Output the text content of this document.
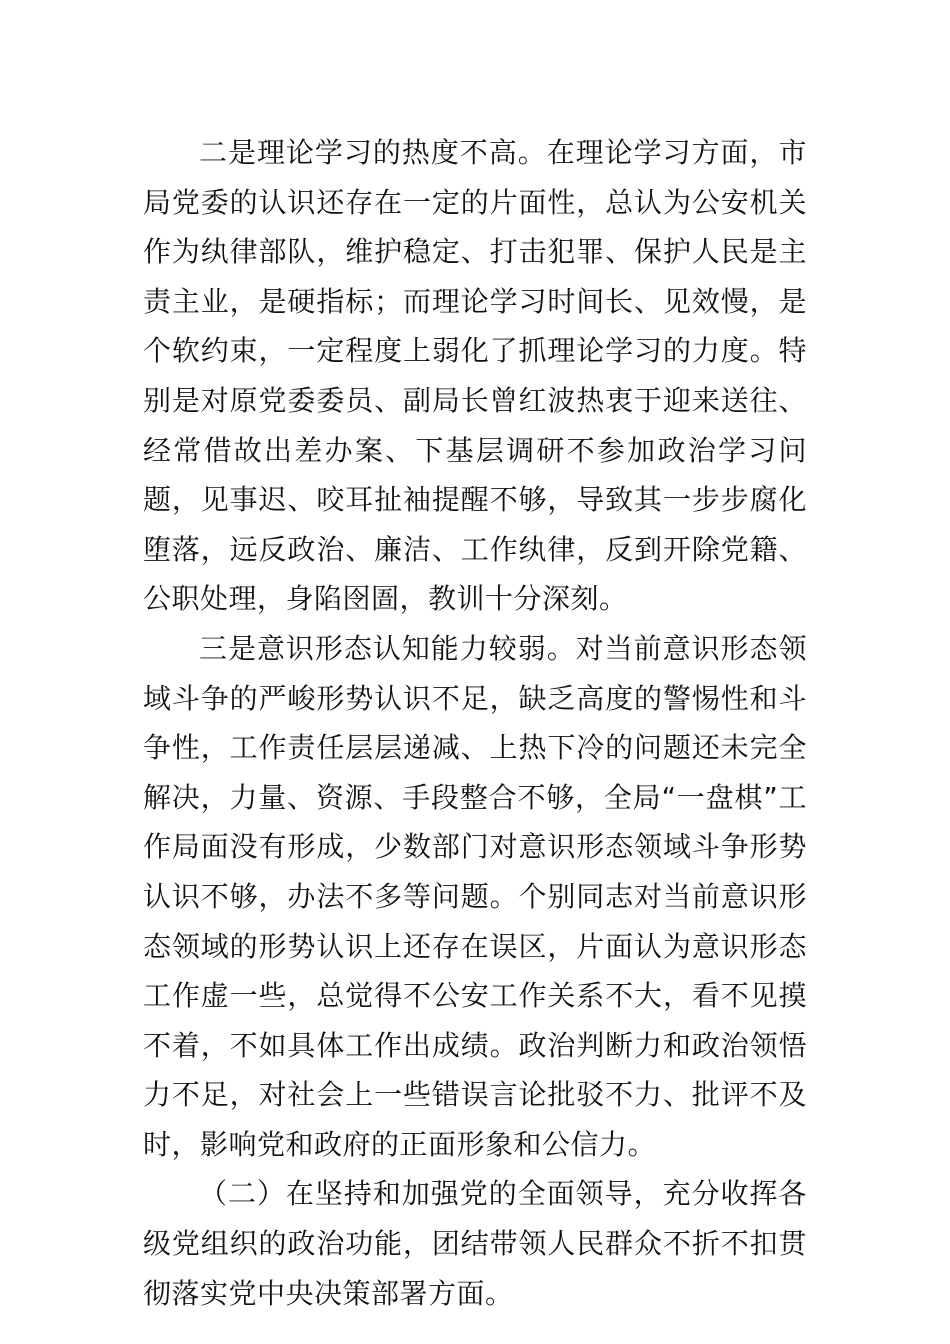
二是理论学习的热度不高。在理论学习方面，市局党委的认识还存在一定的片面性，总认为公安机关作为纨律部队，维护稳定、打击犯罪、保护人民是主责主业，是硬指标；而理论学习时间长、见效慢，是个软约束，一定程度上弱化了抓理论学习的力度。特别是对原党委委员、副局长曾红波热衷于迎来送往、经常借故出差办案、下基层调研不参加政治学习问题，见事迟、咬耳扯袖提醒不够，导致其一步步腐化堕落，远反政治、廉洁、工作纨律，反到开除党籍、公职处理，身陷囹圄，教训十分深刻。

三是意识形态认知能力较弱。对当前意识形态领域斗争的严峻形势认识不足，缺乏高度的警惕性和斗争性，工作责任层层递减、上热下冷的问题还未完全解决，力量、资源、手段整合不够，全局“一盘棋”工作局面没有形成，少数部门对意识形态领域斗争形势认识不够，办法不多等问题。个别同志对当前意识形态领域的形势认识上还存在误区，片面认为意识形态工作虚一些，总觉得不公安工作关系不大，看不见摸不着，不如具体工作出成绩。政治判断力和政治领悟力不足，对社会上一些错误言论批驳不力、批评不及时，影响党和政府的正面形象和公信力。

（二）在坚持和加强党的全面领导，充分收挥各级党组织的政治功能，团结带领人民群众不折不扣贯彻落实党中央决策部署方面。
